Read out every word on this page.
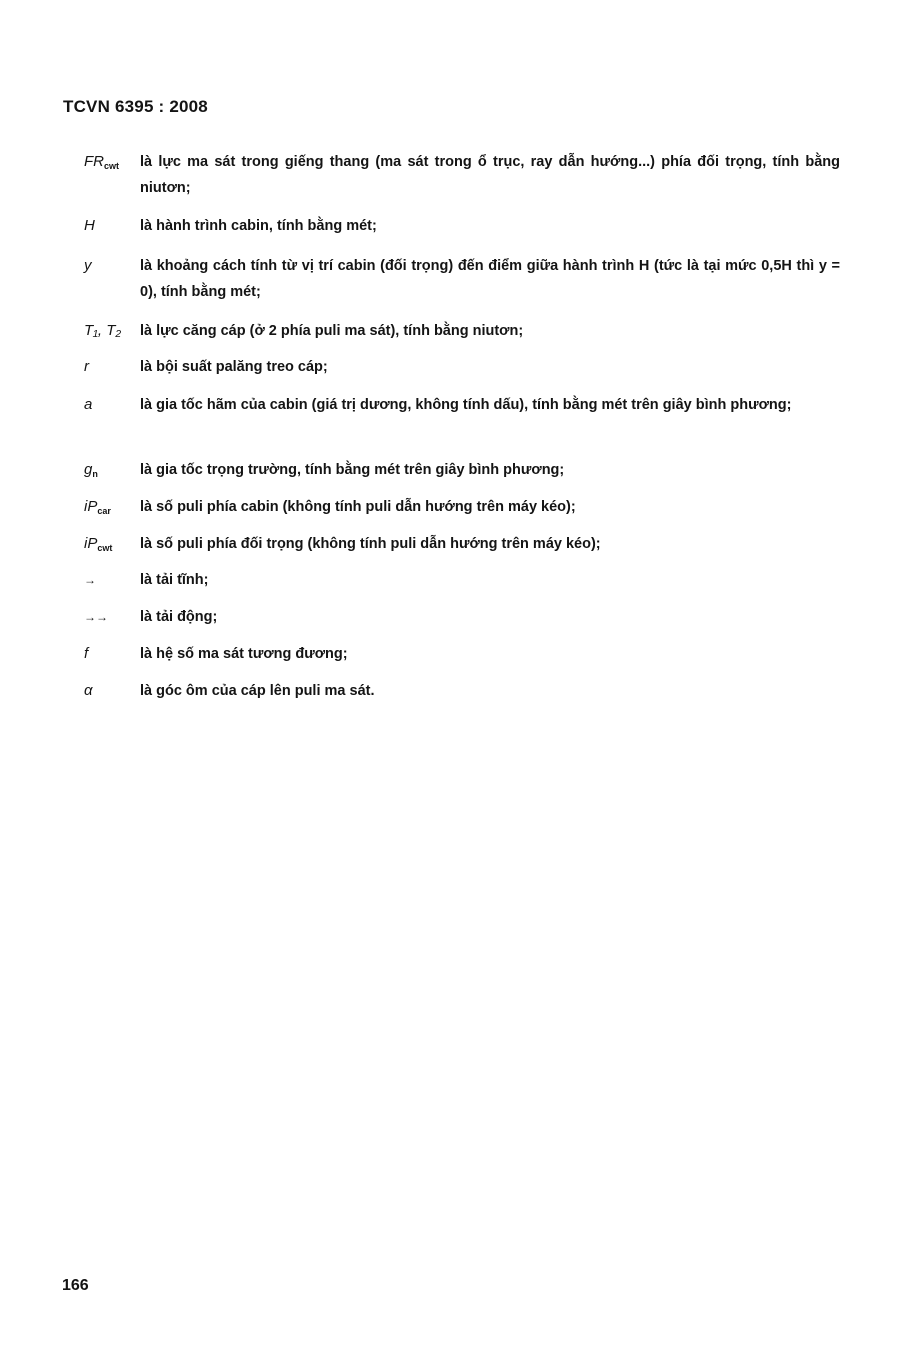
TCVN 6395 : 2008
$FR_{cwt}$ là lực ma sát trong giếng thang (ma sát trong ổ trục, ray dẫn hướng...) phía đối trọng, tính bằng niutơn;
H	là hành trình cabin, tính bằng mét;
y	là khoảng cách tính từ vị trí cabin (đối trọng) đến điểm giữa hành trình H (tức là tại mức 0,5H thì y = 0), tính bằng mét;
T₁, T₂ là lực căng cáp (ở 2 phía puli ma sát), tính bằng niutơn;
r	là bội suất palăng treo cáp;
a	là gia tốc hãm của cabin (giá trị dương, không tính dấu), tính bằng mét trên giây bình phương;
$g_n$	là gia tốc trọng trường, tính bằng mét trên giây bình phương;
$iP_{car}$ là số puli phía cabin (không tính puli dẫn hướng trên máy kéo);
$iP_{cwt}$ là số puli phía đối trọng (không tính puli dẫn hướng trên máy kéo);
→	là tải tĩnh;
→→ là tải động;
f	là hệ số ma sát tương đương;
α	là góc ôm của cáp lên puli ma sát.
166
